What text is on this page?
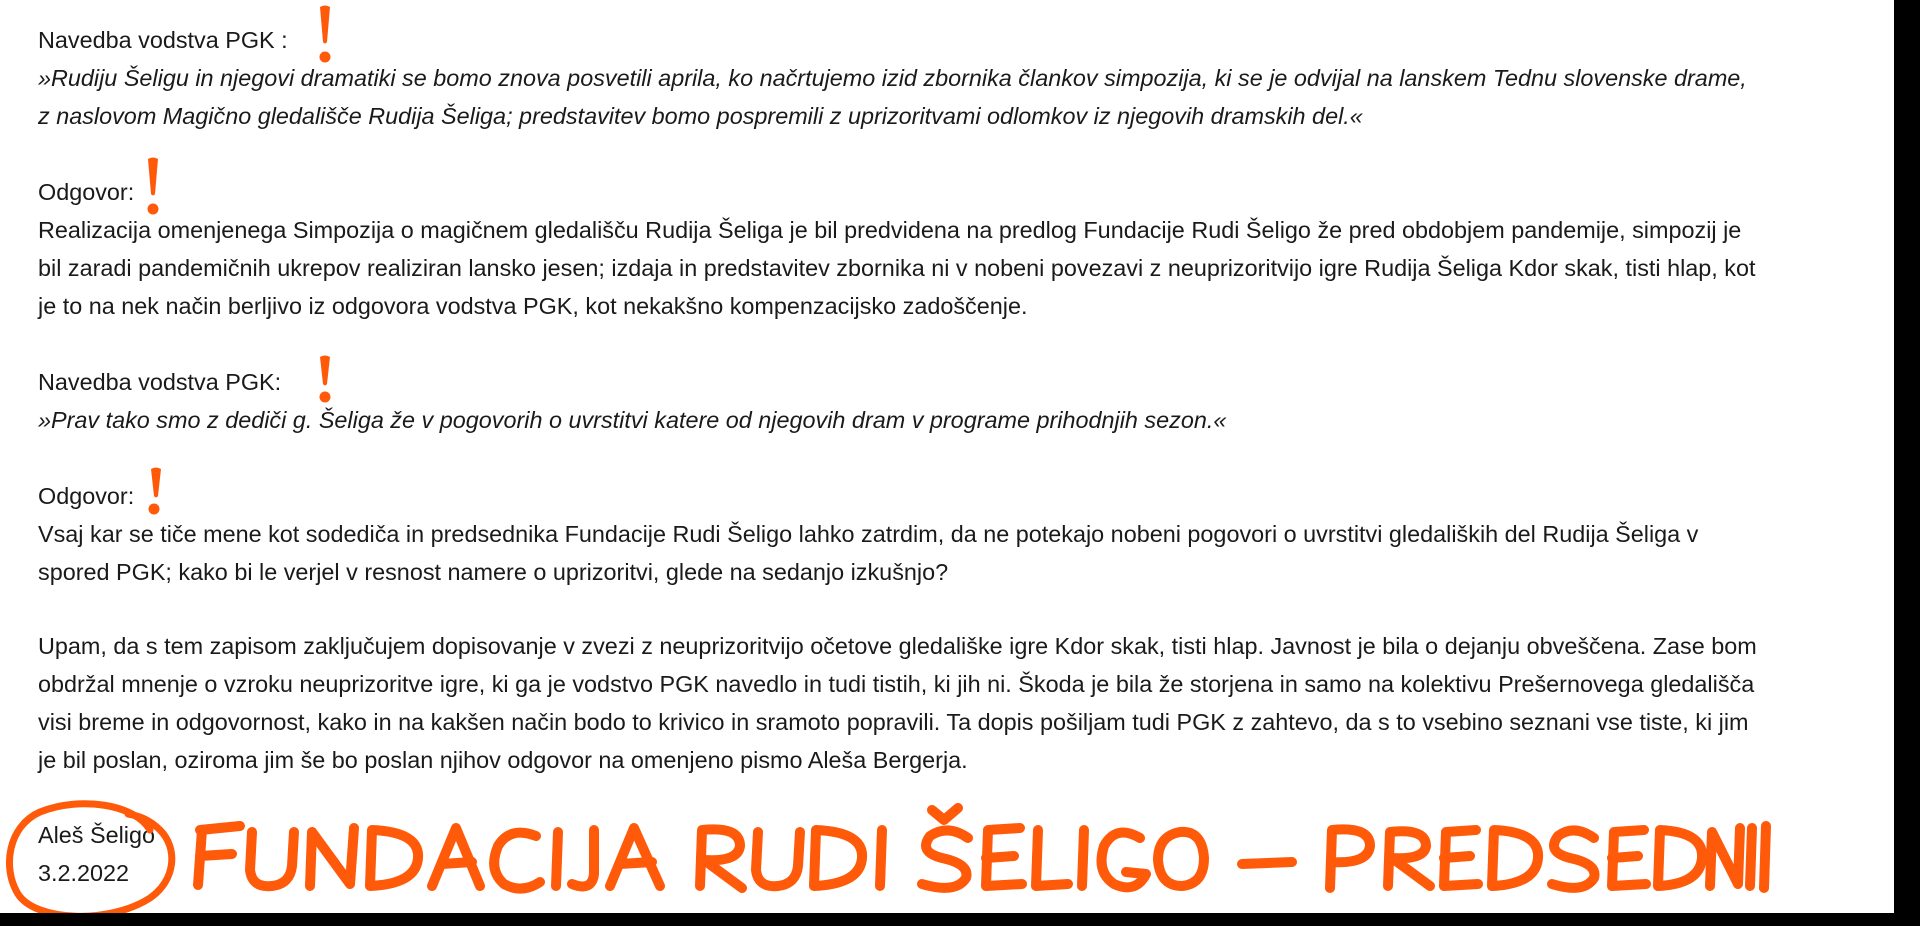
Navedba vodstva PGK :

»Rudiju Šeligu in njegovi dramatiki se bomo znova posvetili aprila, ko načrtujemo izid zbornika člankov simpozija, ki se je odvijal na lanskem Tednu slovenske drame,

z naslovom Magično gledališče Rudija Šeliga; predstavitev bomo pospremili z uprizoritvami odlomkov iz njegovih dramskih del.«

Odgovor:

Realizacija omenjenega Simpozija o magičnem gledališču Rudija Šeliga je bil predvidena na predlog Fundacije Rudi Šeligo že pred obdobjem pandemije, simpozij je

bil zaradi pandemičnih ukrepov realiziran lansko jesen; izdaja in predstavitev zbornika ni v nobeni povezavi z neuprizoritvijo igre Rudija Šeliga Kdor skak, tisti hlap, kot

je to na nek način berljivo iz odgovora vodstva PGK, kot nekakšno kompenzacijsko zadoščenje.

Navedba vodstva PGK:

»Prav tako smo z dediči g. Šeliga že v pogovorih o uvrstitvi katere od njegovih dram v programe prihodnjih sezon.«

Odgovor:

Vsaj kar se tiče mene kot sodediča in predsednika Fundacije Rudi Šeligo lahko zatrdim, da ne potekajo nobeni pogovori o uvrstitvi gledaliških del Rudija Šeliga v

spored PGK; kako bi le verjel v resnost namere o uprizoritvi, glede na sedanjo izkušnjo?

Upam, da s tem zapisom zaključujem dopisovanje v zvezi z neuprizoritvijo očetove gledališke igre Kdor skak, tisti hlap. Javnost je bila o dejanju obveščena. Zase bom

obdržal mnenje o vzroku neuprizoritve igre, ki ga je vodstvo PGK navedlo in tudi tistih, ki jih ni. Škoda je bila že storjena in samo na kolektivu Prešernovega gledališča

visi breme in odgovornost, kako in na kakšen način bodo to krivico in sramoto popravili. Ta dopis pošiljam tudi PGK z zahtevo, da s to vsebino seznani vse tiste, ki jim

je bil poslan, oziroma jim še bo poslan njihov odgovor na omenjeno pismo Aleša Bergerja.

Aleš Šeligo

3.2.2022
